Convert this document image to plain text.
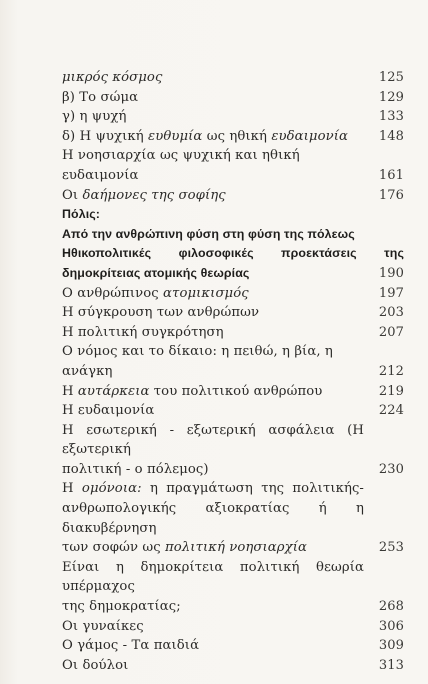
μικρός κόσμος	125
β) Το σώμα	129
γ) η ψυχή	133
δ) Η ψυχική ευθυμία ως ηθική ευδαιμονία	148
Η νοησιαρχία ως ψυχική και ηθική ευδαιμονία	161
Οι δαήμονες της σοφίης	176
Πόλις:
Από την ανθρώπινη φύση στη φύση της πόλεως
Ηθικοπολιτικές φιλοσοφικές προεκτάσεις της
δημοκρίτειας ατομικής θεωρίας	190
Ο ανθρώπινος ατομικισμός	197
Η σύγκρουση των ανθρώπων	203
Η πολιτική συγκρότηση	207
Ο νόμος και το δίκαιο: η πειθώ, η βία, η ανάγκη	212
Η αυτάρκεια του πολιτικού ανθρώπου	219
Η ευδαιμονία	224
Η εσωτερική - εξωτερική ασφάλεια (Η εξωτερική
πολιτική - ο πόλεμος)	230
Η ομόνοια: η πραγμάτωση της πολιτικής-
ανθρωπολογικής αξιοκρατίας ή η διακυβέρνηση
των σοφών ως πολιτική νοησιαρχία	253
Είναι η δημοκρίτεια πολιτική θεωρία υπέρμαχος
της δημοκρατίας;	268
Οι γυναίκες	306
Ο γάμος - Τα παιδιά	309
Οι δούλοι	313
